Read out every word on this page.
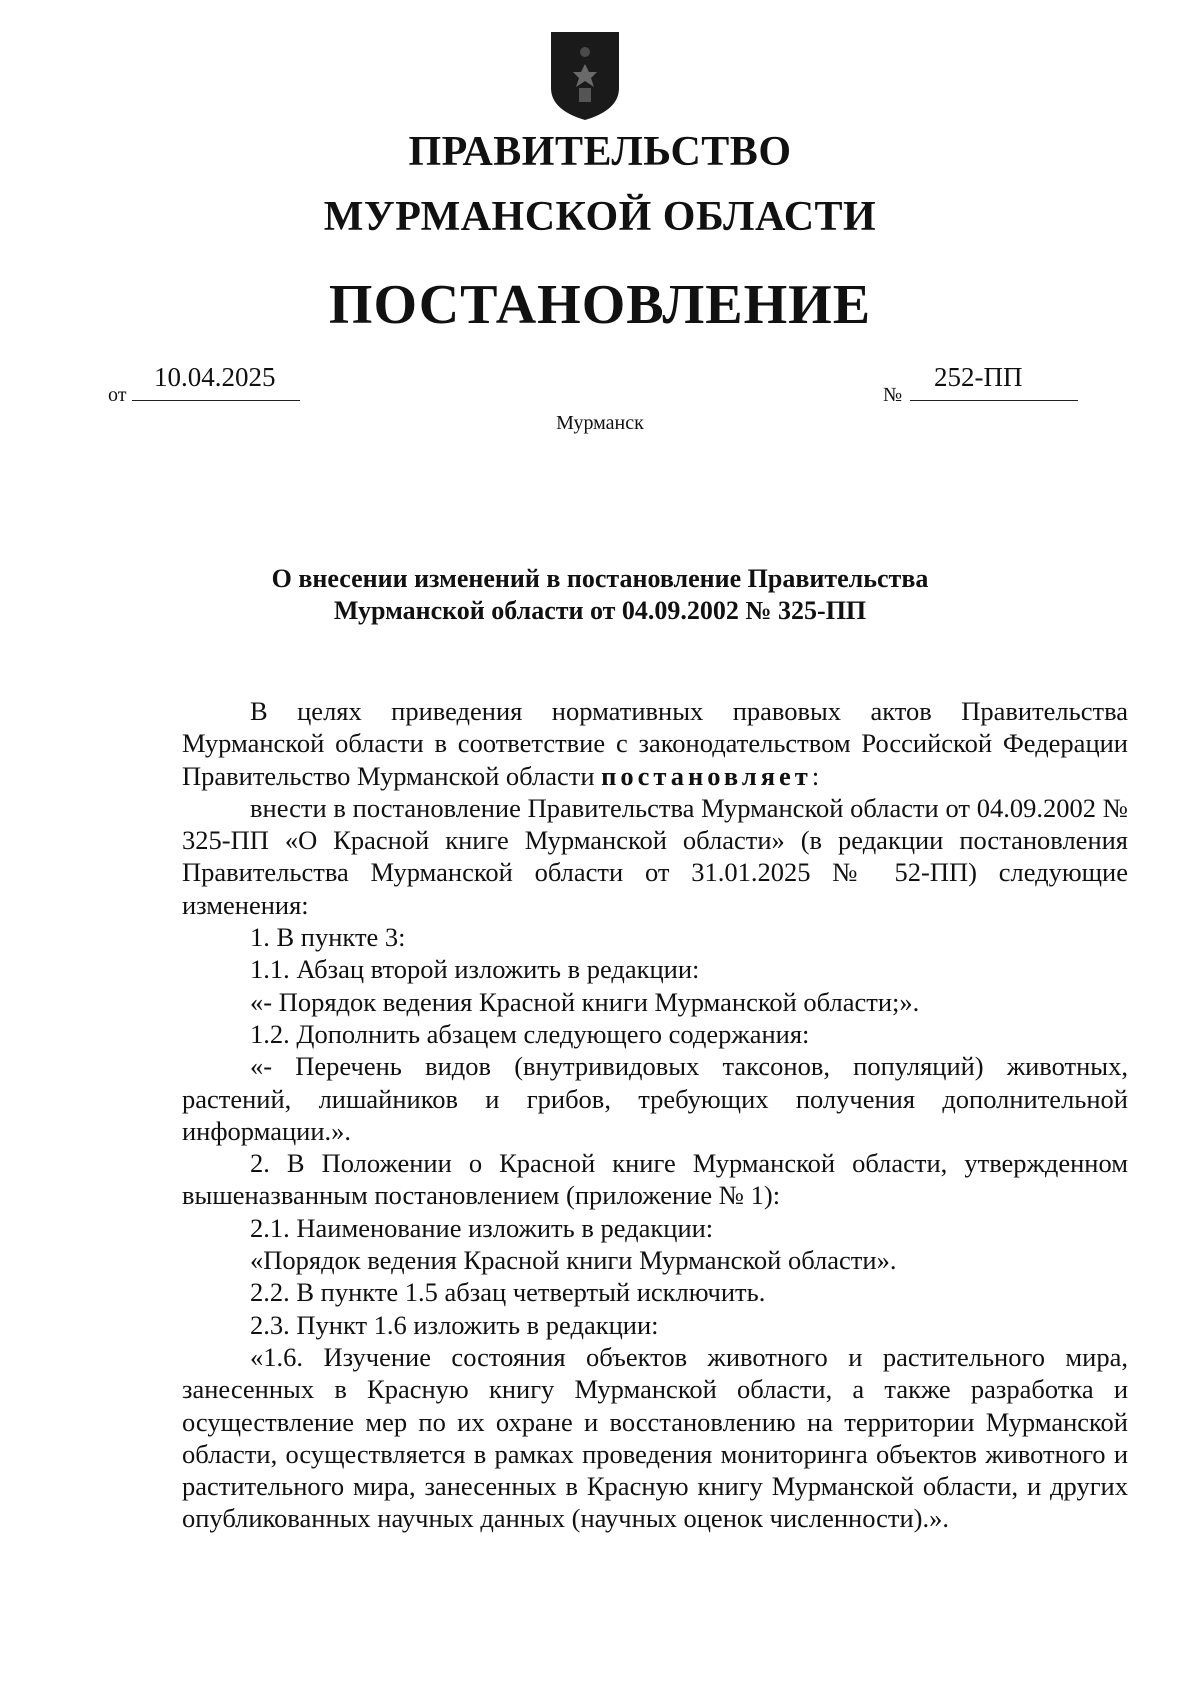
ПРАВИТЕЛЬСТВО
МУРМАНСКОЙ ОБЛАСТИ
ПОСТАНОВЛЕНИЕ
от
10.04.2025
№
252-ПП
Мурманск
О внесении изменений в постановление Правительства
Мурманской области от 04.09.2002 № 325-ПП

В целях приведения нормативных правовых актов Правительства Мурманской области в соответствие с законодательством Российской Федерации Правительство Мурманской области постановляет:

внести в постановление Правительства Мурманской области от 04.09.2002 № 325-ПП «О Красной книге Мурманской области» (в редакции постановления Правительства Мурманской области от 31.01.2025 № 52-ПП) следующие изменения:

1. В пункте 3:

1.1. Абзац второй изложить в редакции:

«- Порядок ведения Красной книги Мурманской области;».

1.2. Дополнить абзацем следующего содержания:

«- Перечень видов (внутривидовых таксонов, популяций) животных, растений, лишайников и грибов, требующих получения дополнительной информации.».

2. В Положении о Красной книге Мурманской области, утвержденном вышеназванным постановлением (приложение № 1):

2.1. Наименование изложить в редакции:

«Порядок ведения Красной книги Мурманской области».

2.2. В пункте 1.5 абзац четвертый исключить.

2.3. Пункт 1.6 изложить в редакции:

«1.6. Изучение состояния объектов животного и растительного мира, занесенных в Красную книгу Мурманской области, а также разработка и осуществление мер по их охране и восстановлению на территории Мурманской области, осуществляется в рамках проведения мониторинга объектов животного и растительного мира, занесенных в Красную книгу Мурманской области, и других опубликованных научных данных (научных оценок численности).».
